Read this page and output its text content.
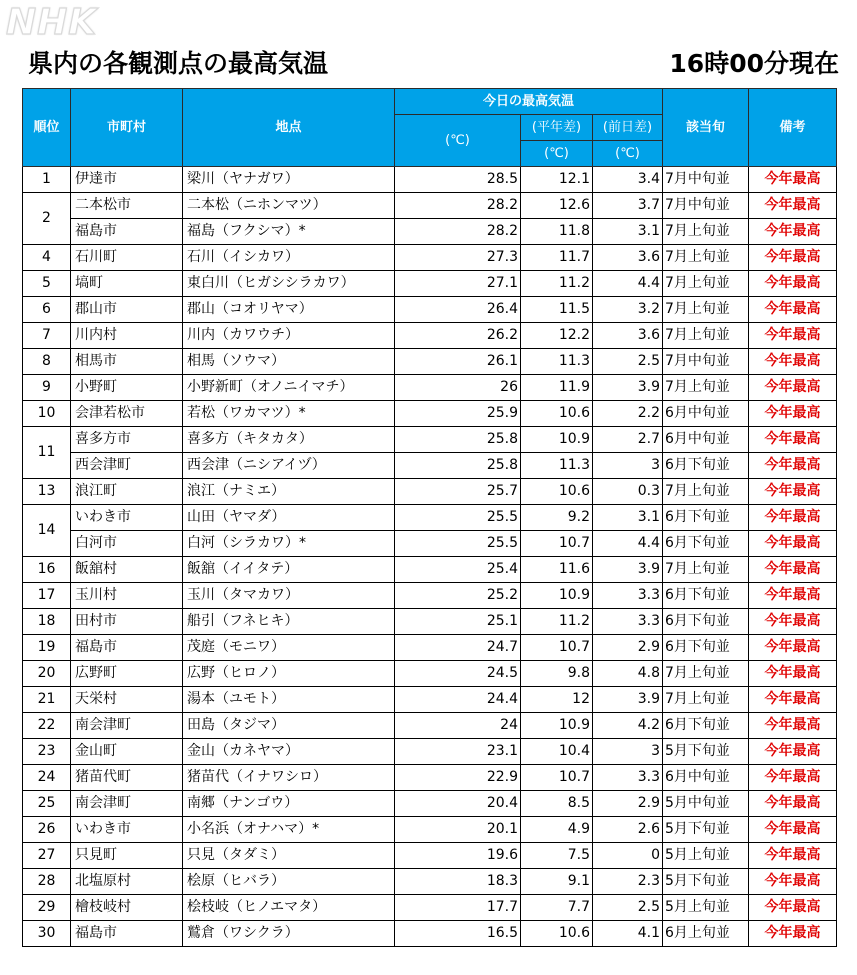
NHK
県内の各観測点の最高気温	16時00分現在
順位	市町村	地点	今日の最高気温			該当旬	備考
			(℃)	(平年差)	(前日差)		
				(℃)	(℃)		
1	伊達市	梁川（ヤナガワ）	28.5	12.1	3.4	7月中旬並	今年最高
2	二本松市	二本松（ニホンマツ）	28.2	12.6	3.7	7月中旬並	今年最高
	福島市	福島（フクシマ）*	28.2	11.8	3.1	7月上旬並	今年最高
4	石川町	石川（イシカワ）	27.3	11.7	3.6	7月上旬並	今年最高
5	塙町	東白川（ヒガシシラカワ）	27.1	11.2	4.4	7月上旬並	今年最高
6	郡山市	郡山（コオリヤマ）	26.4	11.5	3.2	7月上旬並	今年最高
7	川内村	川内（カワウチ）	26.2	12.2	3.6	7月上旬並	今年最高
8	相馬市	相馬（ソウマ）	26.1	11.3	2.5	7月中旬並	今年最高
9	小野町	小野新町（オノニイマチ）	26	11.9	3.9	7月上旬並	今年最高
10	会津若松市	若松（ワカマツ）*	25.9	10.6	2.2	6月中旬並	今年最高
11	喜多方市	喜多方（キタカタ）	25.8	10.9	2.7	6月中旬並	今年最高
	西会津町	西会津（ニシアイヅ）	25.8	11.3	3	6月下旬並	今年最高
13	浪江町	浪江（ナミエ）	25.7	10.6	0.3	7月上旬並	今年最高
14	いわき市	山田（ヤマダ）	25.5	9.2	3.1	6月下旬並	今年最高
	白河市	白河（シラカワ）*	25.5	10.7	4.4	6月下旬並	今年最高
16	飯舘村	飯舘（イイタテ）	25.4	11.6	3.9	7月上旬並	今年最高
17	玉川村	玉川（タマカワ）	25.2	10.9	3.3	6月下旬並	今年最高
18	田村市	船引（フネヒキ）	25.1	11.2	3.3	6月下旬並	今年最高
19	福島市	茂庭（モニワ）	24.7	10.7	2.9	6月下旬並	今年最高
20	広野町	広野（ヒロノ）	24.5	9.8	4.8	7月上旬並	今年最高
21	天栄村	湯本（ユモト）	24.4	12	3.9	7月上旬並	今年最高
22	南会津町	田島（タジマ）	24	10.9	4.2	6月下旬並	今年最高
23	金山町	金山（カネヤマ）	23.1	10.4	3	5月下旬並	今年最高
24	猪苗代町	猪苗代（イナワシロ）	22.9	10.7	3.3	6月中旬並	今年最高
25	南会津町	南郷（ナンゴウ）	20.4	8.5	2.9	5月中旬並	今年最高
26	いわき市	小名浜（オナハマ）*	20.1	4.9	2.6	5月下旬並	今年最高
27	只見町	只見（タダミ）	19.6	7.5	0	5月上旬並	今年最高
28	北塩原村	桧原（ヒバラ）	18.3	9.1	2.3	5月下旬並	今年最高
29	檜枝岐村	桧枝岐（ヒノエマタ）	17.7	7.7	2.5	5月上旬並	今年最高
30	福島市	鷲倉（ワシクラ）	16.5	10.6	4.1	6月上旬並	今年最高
